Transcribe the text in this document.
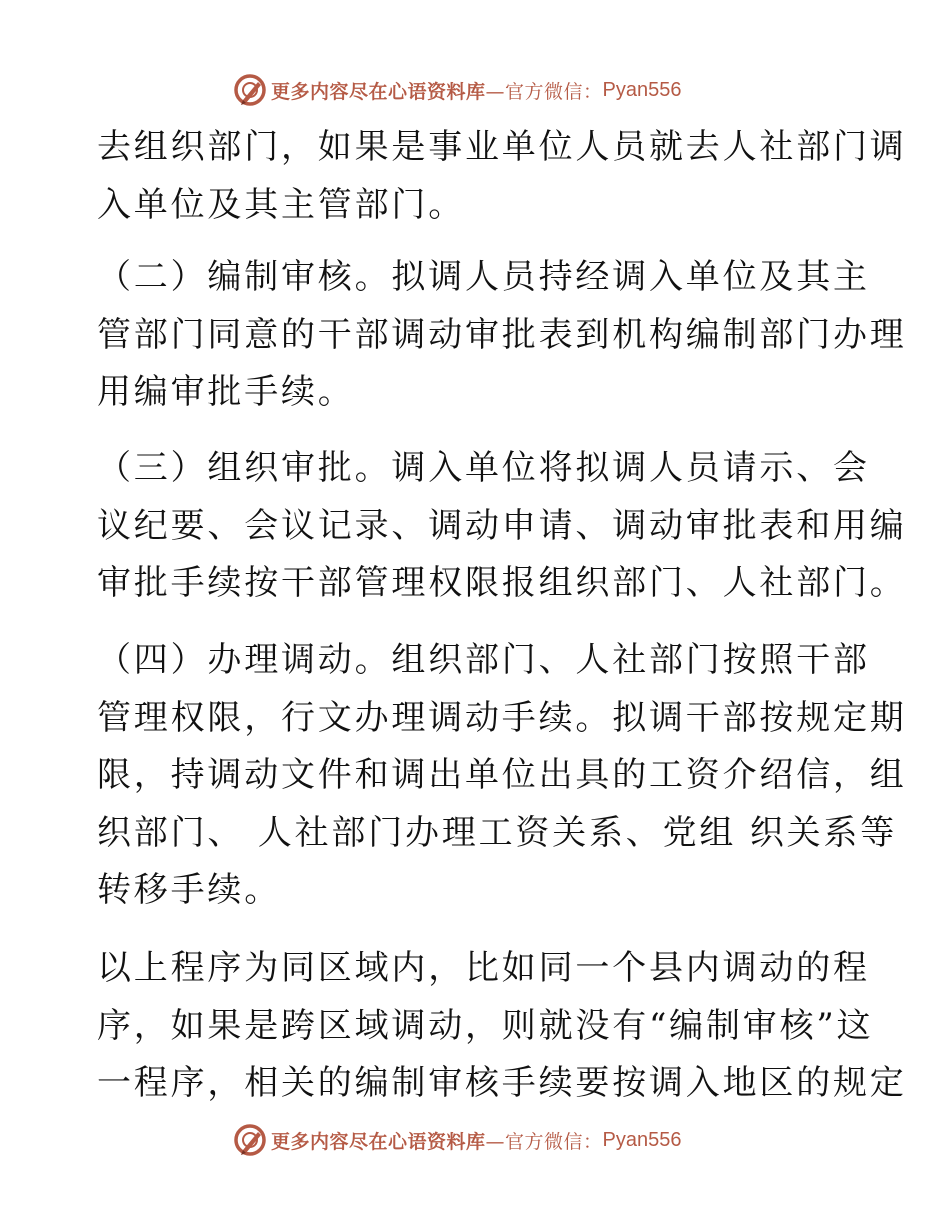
更多内容尽在心语资料库 —官方微信： Pyan556
去组织部门，如果是事业单位人员就去人社部门调
入单位及其主管部门。
（二）编制审核。拟调人员持经调入单位及其主
管部门同意的干部调动审批表到机构编制部门办理
用编审批手续。
（三）组织审批。调入单位将拟调人员请示、会
议纪要、会议记录、调动申请、调动审批表和用编
审批手续按干部管理权限报组织部门、人社部门。
（四）办理调动。组织部门、人社部门按照干部
管理权限，行文办理调动手续。拟调干部按规定期
限，持调动文件和调出单位出具的工资介绍信，组
织部门、 人社部门办理工资关系、党组 织关系等
转移手续。
以上程序为同区域内，比如同一个县内调动的程
序，如果是跨区域调动，则就没有“编制审核”这
一程序，相关的编制审核手续要按调入地区的规定
更多内容尽在心语资料库 —官方微信： Pyan556
